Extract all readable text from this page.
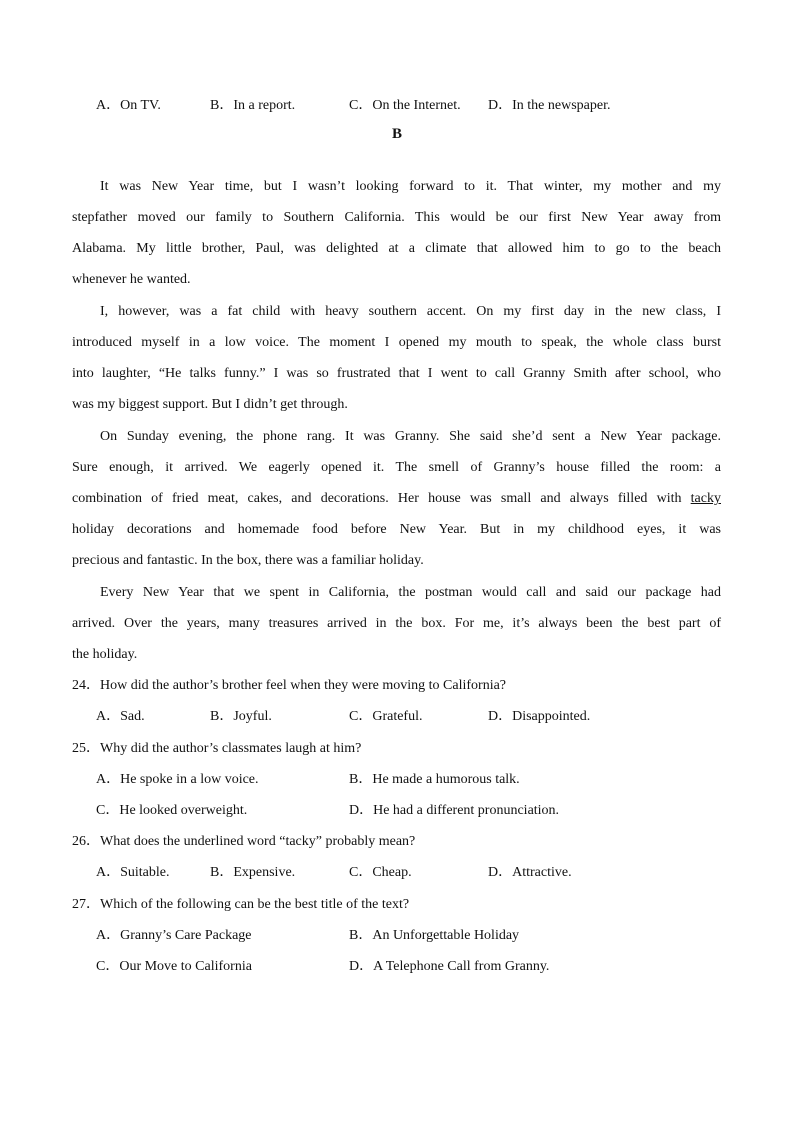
A．On TV.	B．In a report.	C．On the Internet. D．In the newspaper.
B
It was New Year time, but I wasn’t looking forward to it. That winter, my mother and my
stepfather moved our family to Southern California. This would be our first New Year away from
Alabama. My little brother, Paul, was delighted at a climate that allowed him to go to the beach
whenever he wanted.
I, however, was a fat child with heavy southern accent. On my first day in the new class, I
introduced myself in a low voice. The moment I opened my mouth to speak, the whole class burst
into laughter, “He talks funny.” I was so frustrated that I went to call Granny Smith after school, who
was my biggest support. But I didn’t get through.
On Sunday evening, the phone rang. It was Granny. She said she’d sent a New Year package.
Sure enough, it arrived. We eagerly opened it. The smell of Granny’s house filled the room: a
combination of fried meat, cakes, and decorations. Her house was small and always filled with tacky
holiday decorations and homemade food before New Year. But in my childhood eyes, it was
precious and fantastic. In the box, there was a familiar holiday.
Every New Year that we spent in California, the postman would call and said our package had
arrived. Over the years, many treasures arrived in the box. For me, it’s always been the best part of
the holiday.
24．How did the author’s brother feel when they were moving to California?
A．Sad.	B．Joyful.	C．Grateful.	D．Disappointed.
25．Why did the author’s classmates laugh at him?
A．He spoke in a low voice.	B．He made a humorous talk.
C．He looked overweight.	D．He had a different pronunciation.
26．What does the underlined word “tacky” probably mean?
A．Suitable.	B．Expensive.	C．Cheap.	D．Attractive.
27．Which of the following can be the best title of the text?
A．Granny’s Care Package	B．An Unforgettable Holiday
C．Our Move to California	D．A Telephone Call from Granny.
